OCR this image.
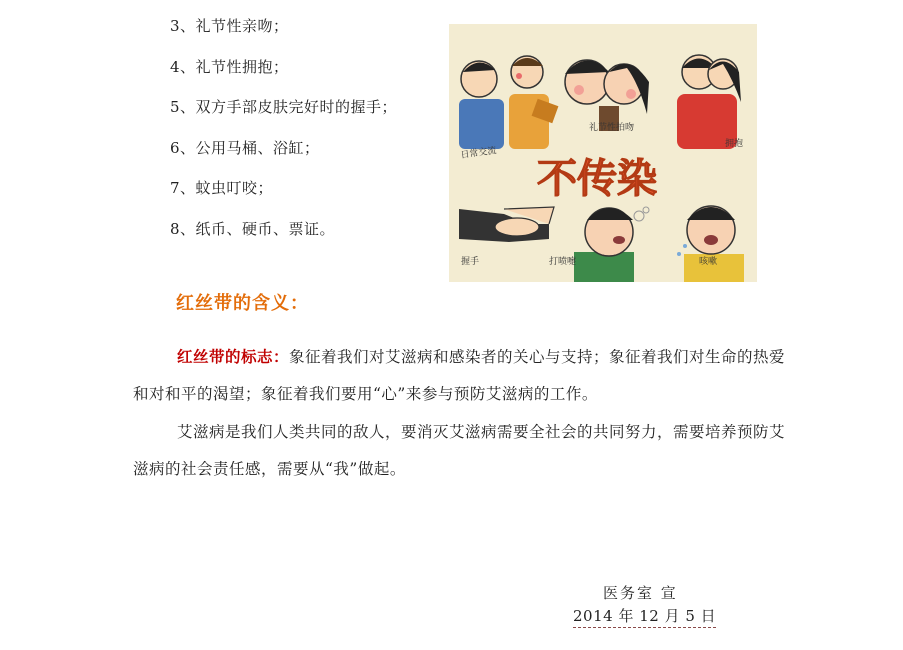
3、礼节性亲吻；
4、礼节性拥抱；
5、双方手部皮肤完好时的握手；
6、公用马桶、浴缸；
7、蚊虫叮咬；
8、纸币、硬币、票证。
日常交流
礼节性拍吻
拥抱
不传染
握手	打喷嚏	咳嗽
红丝带的含义：
红丝带的标志：象征着我们对艾滋病和感染者的关心与支持；象征着我们对生命的热爱和对和平的渴望；象征着我们要用“心”来参与预防艾滋病的工作。
艾滋病是我们人类共同的敌人，要消灭艾滋病需要全社会的共同努力，需要培养预防艾滋病的社会责任感，需要从“我”做起。
医务室 宣
2014 年 12 月 5 日
